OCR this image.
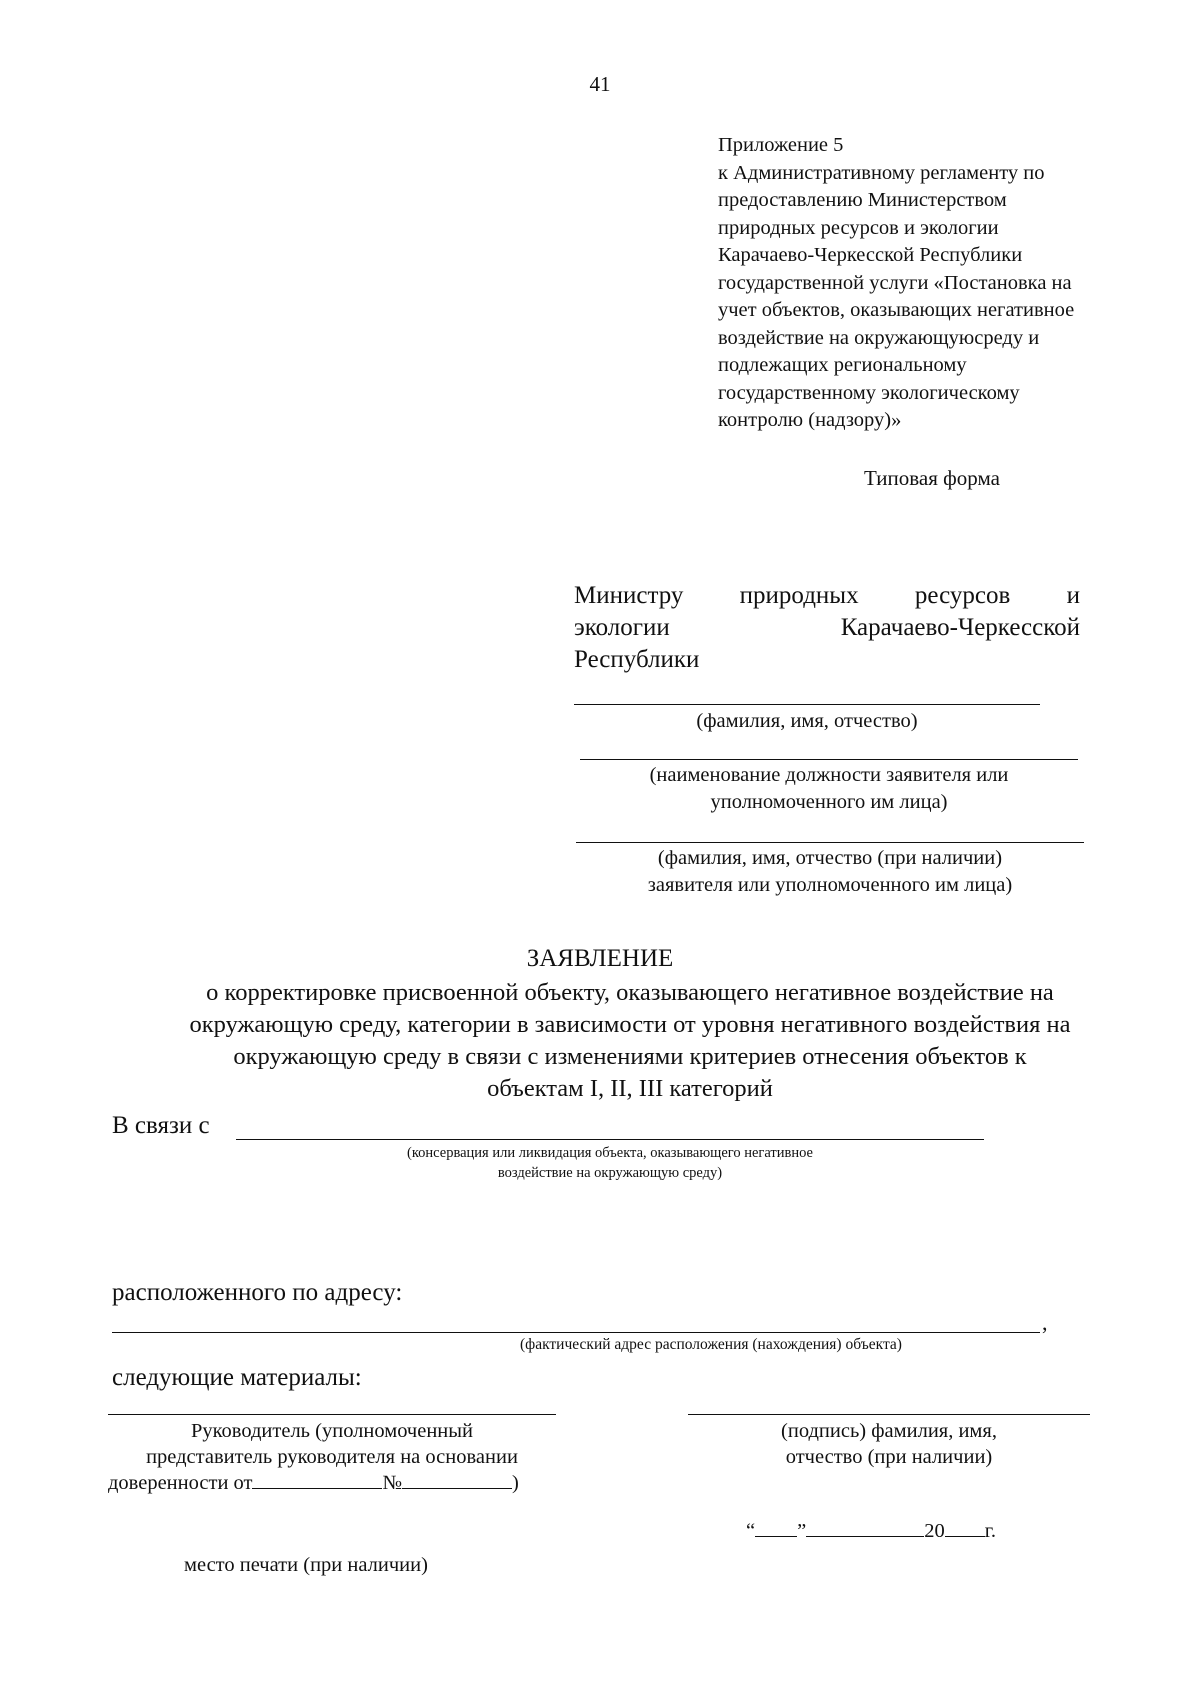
41
Приложение 5
к Административному регламенту по
предоставлению Министерством
природных ресурсов и экологии
Карачаево-Черкесской Республики
государственной услуги «Постановка на
учет объектов, оказывающих негативное
воздействие на окружающуюсреду и
подлежащих региональному
государственному экологическому
контролю (надзору)»
Типовая форма
Министру природных ресурсов и
экологии	Карачаево-Черкесской
Республики
(фамилия, имя, отчество)
(наименование должности заявителя или
уполномоченного им лица)
(фамилия, имя, отчество (при наличии)
заявителя или уполномоченного им лица)
ЗАЯВЛЕНИЕ
о корректировке присвоенной объекту, оказывающего негативное воздействие на
окружающую среду, категории в зависимости от уровня негативного воздействия на
окружающую среду в связи с изменениями критериев отнесения объектов к
объектам I, II, III категорий
В связи с
(консервация или ликвидация объекта, оказывающего негативное
воздействие на окружающую среду)
расположенного по адресу:
,
(фактический адрес расположения (нахождения) объекта)
следующие материалы:
Руководитель (уполномоченный
представитель руководителя на основании
доверенности от	№	)
(подпись) фамилия, имя,
отчество (при наличии)
“ ”	20 г.
место печати (при наличии)
